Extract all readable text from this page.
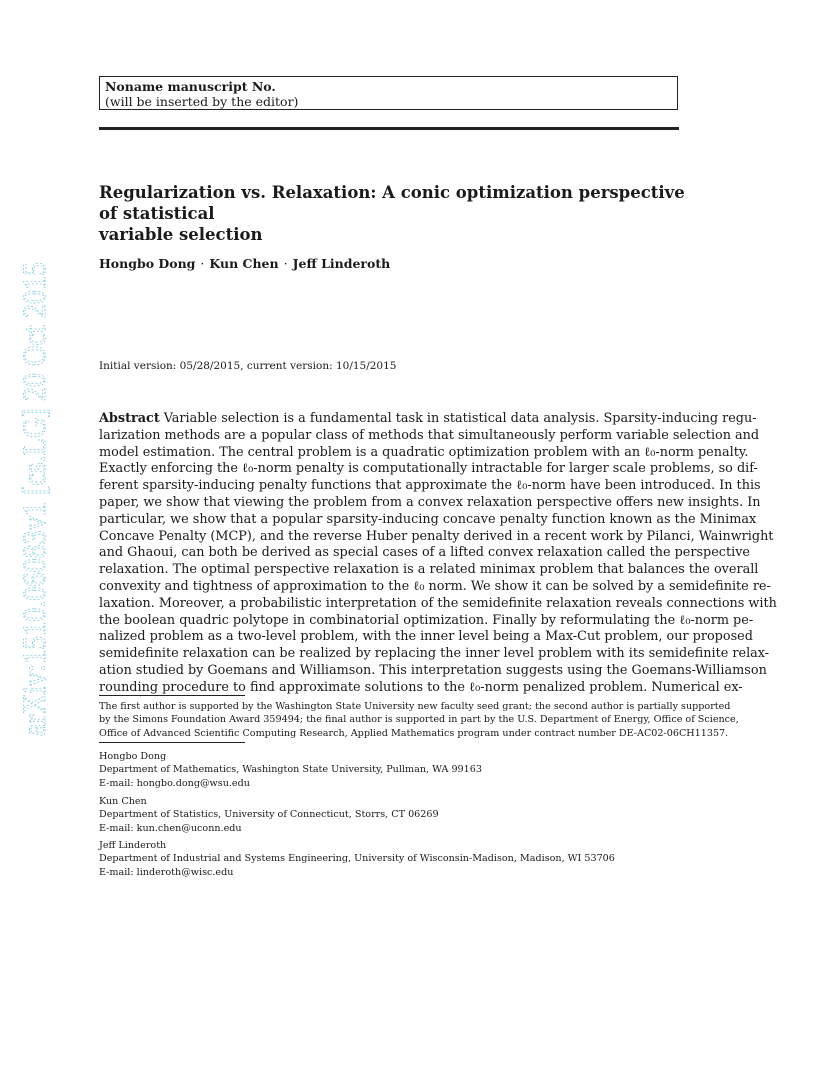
arXiv:1510.06083v1 [cs.LG] 20 Oct 2015
Noname manuscript No.
(will be inserted by the editor)
Regularization vs. Relaxation: A conic optimization perspective of statistical
variable selection
Hongbo Dong · Kun Chen · Jeff Linderoth
Initial version: 05/28/2015, current version: 10/15/2015
Abstract Variable selection is a fundamental task in statistical data analysis. Sparsity-inducing regu-
larization methods are a popular class of methods that simultaneously perform variable selection and
model estimation. The central problem is a quadratic optimization problem with an ℓ₀-norm penalty.
Exactly enforcing the ℓ₀-norm penalty is computationally intractable for larger scale problems, so dif-
ferent sparsity-inducing penalty functions that approximate the ℓ₀-norm have been introduced. In this
paper, we show that viewing the problem from a convex relaxation perspective offers new insights. In
particular, we show that a popular sparsity-inducing concave penalty function known as the Minimax
Concave Penalty (MCP), and the reverse Huber penalty derived in a recent work by Pilanci, Wainwright
and Ghaoui, can both be derived as special cases of a lifted convex relaxation called the perspective
relaxation. The optimal perspective relaxation is a related minimax problem that balances the overall
convexity and tightness of approximation to the ℓ₀ norm. We show it can be solved by a semidefinite re-
laxation. Moreover, a probabilistic interpretation of the semidefinite relaxation reveals connections with
the boolean quadric polytope in combinatorial optimization. Finally by reformulating the ℓ₀-norm pe-
nalized problem as a two-level problem, with the inner level being a Max-Cut problem, our proposed
semidefinite relaxation can be realized by replacing the inner level problem with its semidefinite relax-
ation studied by Goemans and Williamson. This interpretation suggests using the Goemans-Williamson
rounding procedure to find approximate solutions to the ℓ₀-norm penalized problem. Numerical ex-
The first author is supported by the Washington State University new faculty seed grant; the second author is partially supported
by the Simons Foundation Award 359494; the final author is supported in part by the U.S. Department of Energy, Office of Science,
Office of Advanced Scientific Computing Research, Applied Mathematics program under contract number DE-AC02-06CH11357.
Hongbo Dong
Department of Mathematics, Washington State University, Pullman, WA 99163
E-mail: hongbo.dong@wsu.edu
Kun Chen
Department of Statistics, University of Connecticut, Storrs, CT 06269
E-mail: kun.chen@uconn.edu
Jeff Linderoth
Department of Industrial and Systems Engineering, University of Wisconsin-Madison, Madison, WI 53706
E-mail: linderoth@wisc.edu
